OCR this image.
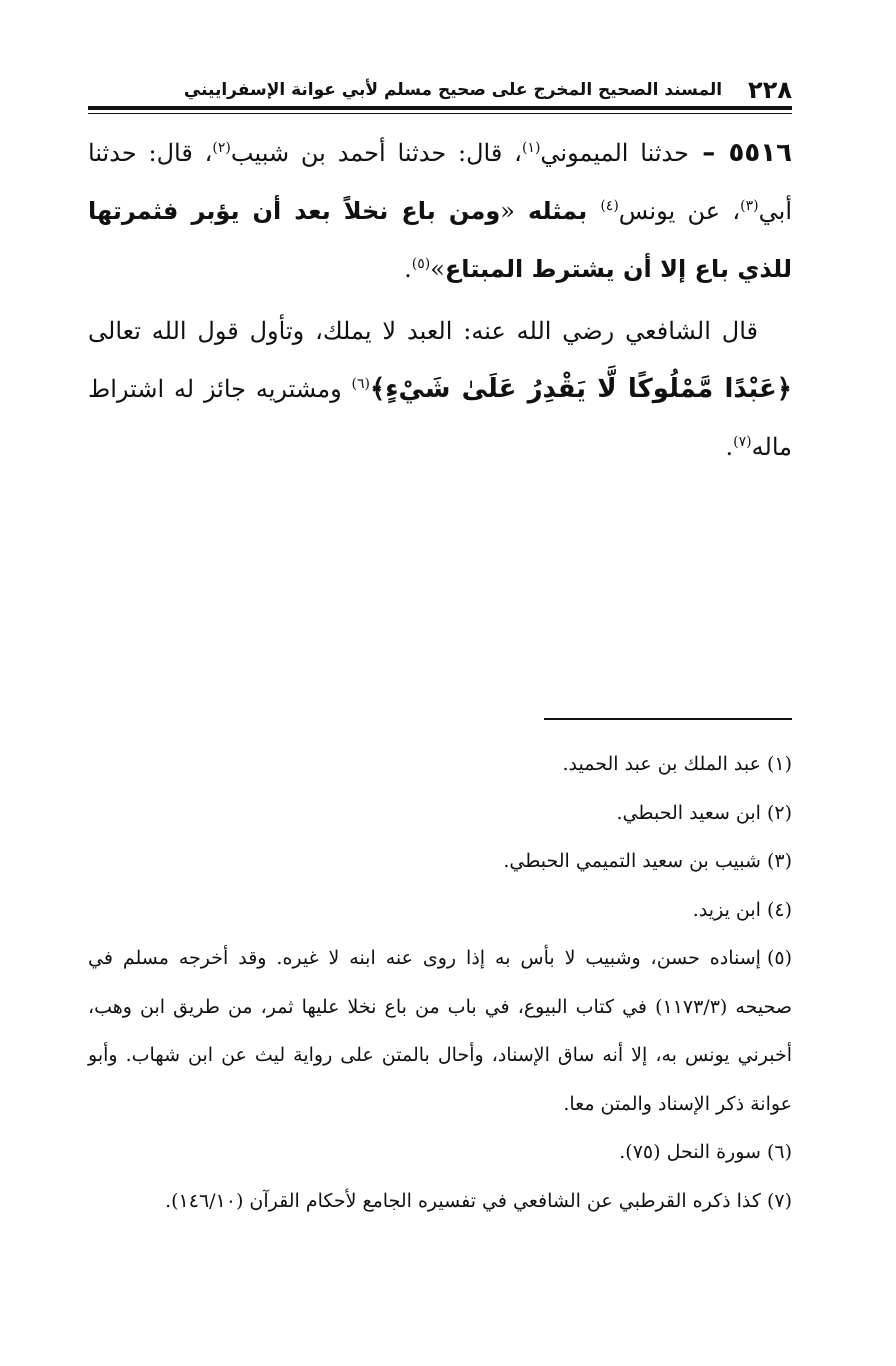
٢٢٨
المسند الصحيح المخرج على صحيح مسلم لأبي عوانة الإسفراييني

٥٥١٦ – حدثنا الميموني$^{(١)}$، قال: حدثنا أحمد بن شبيب$^{(٢)}$، قال: حدثنا أبي$^{(٣)}$، عن يونس$^{(٤)}$ بمثله «ومن باع نخلاً بعد أن يؤبر فثمرتها للذي باع إلا أن يشترط المبتاع»$^{(٥)}$.

قال الشافعي رضي الله عنه: العبد لا يملك، وتأول قول الله تعالى ﴿عَبْدًا مَّمْلُوكًا لَّا يَقْدِرُ عَلَىٰ شَيْءٍ﴾$^{(٦)}$ ومشتريه جائز له اشتراط ماله$^{(٧)}$.

(١)عبد الملك بن عبد الحميد.

(٢)ابن سعيد الحبطي.

(٣)شبيب بن سعيد التميمي الحبطي.

(٤)ابن يزيد.

(٥)إسناده حسن، وشبيب لا بأس به إذا روى عنه ابنه لا غيره. وقد أخرجه مسلم في صحيحه (١١٧٣/٣) في كتاب البيوع، في باب من باع نخلا عليها ثمر، من طريق ابن وهب، أخبرني يونس به، إلا أنه ساق الإسناد، وأحال بالمتن على رواية ليث عن ابن شهاب. وأبو عوانة ذكر الإسناد والمتن معا.

(٦)سورة النحل (٧٥).

(٧)كذا ذكره القرطبي عن الشافعي في تفسيره الجامع لأحكام القرآن (١٤٦/١٠).
